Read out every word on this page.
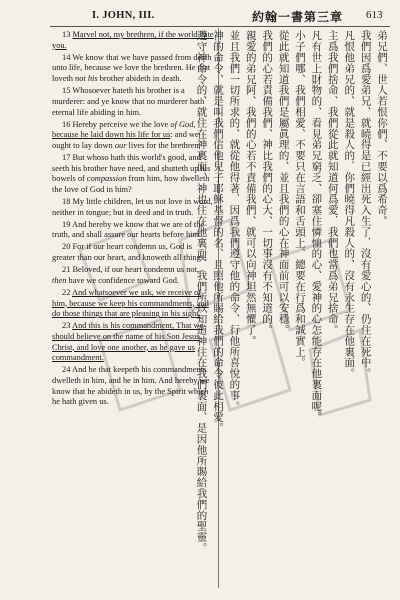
I. JOHN, III.	約翰一書第三章 613

13 Marvel not, my brethren, if the world hate you.

14 We know that we have passed from death unto life, because we love the brethren. He that loveth not his brother abideth in death.

15 Whosoever hateth his brother is a murderer: and ye know that no murderer hath eternal life abiding in him.

16 Hereby perceive we the love of God, because he laid down his life for us: and we ought to lay down our lives for the brethren.

17 But whoso hath this world's good, and seeth his brother have need, and shutteth up his bowels of compassion from him, how dwelleth the love of God in him?

18 My little children, let us not love in word, neither in tongue; but in deed and in truth.

19 And hereby we know that we are of the truth, and shall assure our hearts before him.

20 For if our heart condemn us, God is greater than our heart, and knoweth all things.

21 Beloved, if our heart condemn us not, then have we confidence toward God.

22 And whatsoever we ask, we receive of him, because we keep his commandments, and do those things that are pleasing in his sight.

23 And this is his commandment, That we should believe on the name of his Son Jesus Christ, and love one another, as he gave us commandment.

24 And he that keepeth his commandments dwelleth in him, and he in him. And hereby we know that he abideth in us, by the Spirit which he hath given us.

弟兄們、世人若恨你們、不要以爲希奇。
我們因爲愛弟兄、就曉得是已經出死入生了．沒有愛心的、仍住在死中。
凡恨他弟兄的、就是殺人的．你們曉得凡殺人的、沒有永生存在他裏面。
主爲我們捨命、我們從此就知道何爲愛．我們也當爲弟兄捨命。
凡有世上財物的、看見弟兄窮乏、卻塞住憐恤的心、愛神的心怎能存在他裏面呢。
小子們哪、我們相愛、不要只在言語和舌頭上、總要在行爲和誠實上。
從此就知道我們是屬眞理的、並且我們的心在神面前可以安穩。
我們的心若責備我們、神比我們的心大、一切事沒有不知道的。
親愛的弟兄阿、我們的心若不責備我們、就可以向神坦然無懼了。
並且我們一切所求的、就從他得著．因爲我們遵守他的命令、行他所喜悅的事。
神的命令、就是叫我們信他兒子耶穌基督的名、且照他所賜給我們的命令彼此相愛。
遵守神命令的、就住在神裏面、神也住在他裏面．我們所以知道神住在我們裏面、是因他所賜給我們的聖靈。
